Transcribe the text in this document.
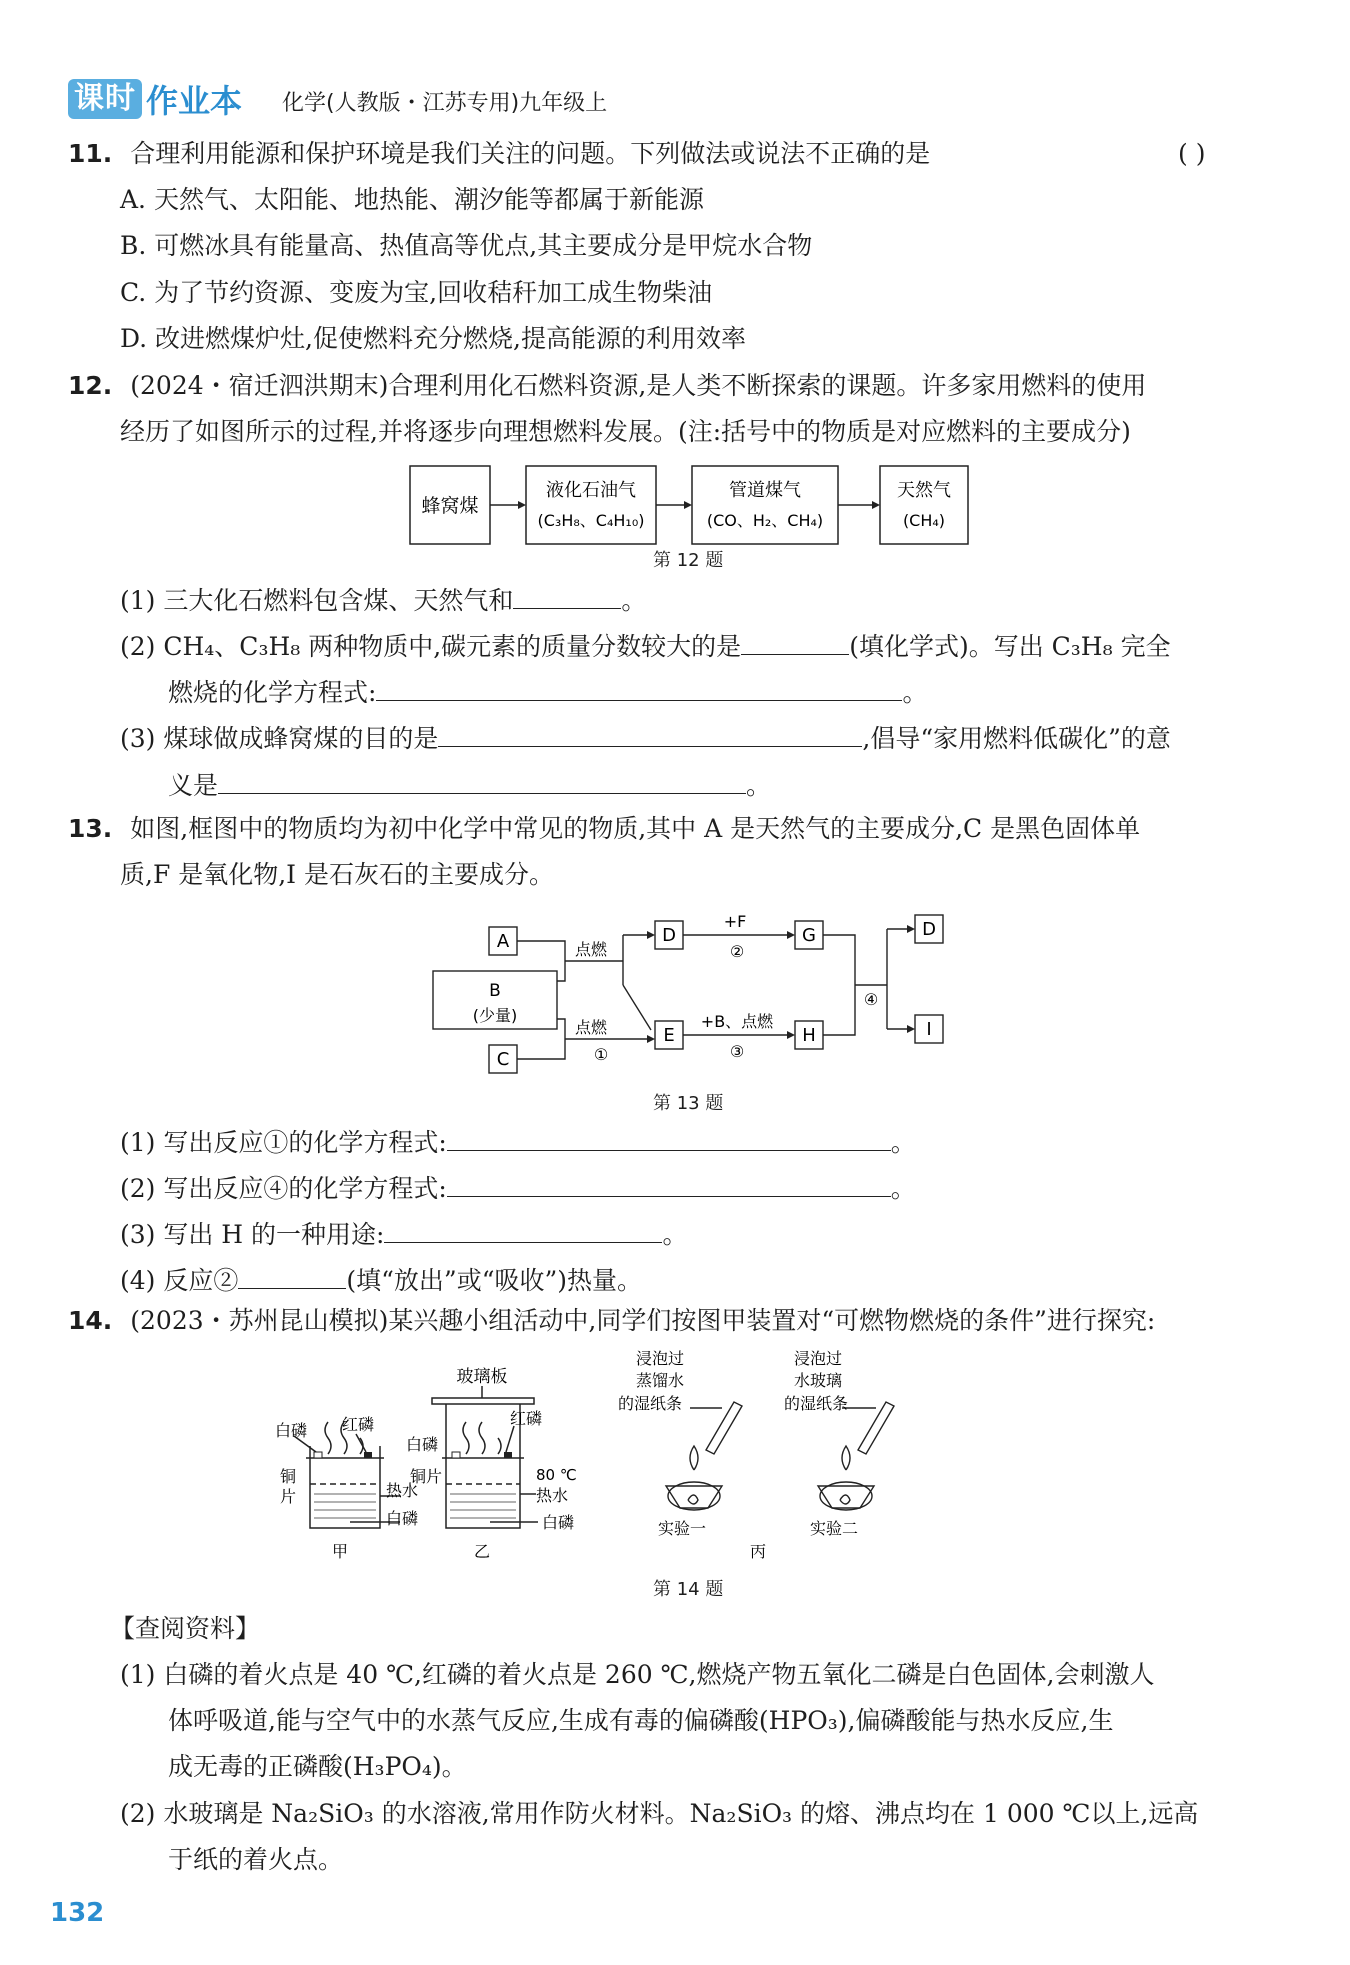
课时 作业本 化学(人教版・江苏专用)九年级上
11. 合理利用能源和保护环境是我们关注的问题。下列做法或说法不正确的是	( )
A. 天然气、太阳能、地热能、潮汐能等都属于新能源
B. 可燃冰具有能量高、热值高等优点,其主要成分是甲烷水合物
C. 为了节约资源、变废为宝,回收秸秆加工成生物柴油
D. 改进燃煤炉灶,促使燃料充分燃烧,提高能源的利用效率
12. (2024・宿迁泗洪期末)合理利用化石燃料资源,是人类不断探索的课题。许多家用燃料的使用
经历了如图所示的过程,并将逐步向理想燃料发展。(注:括号中的物质是对应燃料的主要成分)
蜂窝煤
液化石油气
(C₃H₈、C₄H₁₀)
管道煤气
(CO、H₂、CH₄)
天然气
(CH₄)
第 12 题
(1) 三大化石燃料包含煤、天然气和	。
(2) CH₄、C₃H₈ 两种物质中,碳元素的质量分数较大的是	(填化学式)。写出 C₃H₈ 完全
燃烧的化学方程式:	。
(3) 煤球做成蜂窝煤的目的是	,倡导“家用燃料低碳化”的意
义是	。
13. 如图,框图中的物质均为初中化学中常见的物质,其中 A 是天然气的主要成分,C 是黑色固体单
质,F 是氧化物,I 是石灰石的主要成分。
A
B
(少量)
C
D
E
G
H
D
I
点燃
点燃
①
+F
②
+B、点燃
③
④
第 13 题
(1) 写出反应①的化学方程式:	。
(2) 写出反应④的化学方程式:	。
(3) 写出 H 的一种用途:	。
(4) 反应②	(填“放出”或“吸收”)热量。
14. (2023・苏州昆山模拟)某兴趣小组活动中,同学们按图甲装置对“可燃物燃烧的条件”进行探究:
白磷 红磷
铜
片	热水
白磷
甲
玻璃板
红磷
白磷
铜片	80 ℃
热水
白磷
乙
浸泡过
蒸馏水
的湿纸条
浸泡过
水玻璃
的湿纸条
实验一	实验二
丙
第 14 题
【查阅资料】
(1) 白磷的着火点是 40 ℃,红磷的着火点是 260 ℃,燃烧产物五氧化二磷是白色固体,会刺激人
体呼吸道,能与空气中的水蒸气反应,生成有毒的偏磷酸(HPO₃),偏磷酸能与热水反应,生
成无毒的正磷酸(H₃PO₄)。
(2) 水玻璃是 Na₂SiO₃ 的水溶液,常用作防火材料。Na₂SiO₃ 的熔、沸点均在 1 000 ℃以上,远高
于纸的着火点。
132
